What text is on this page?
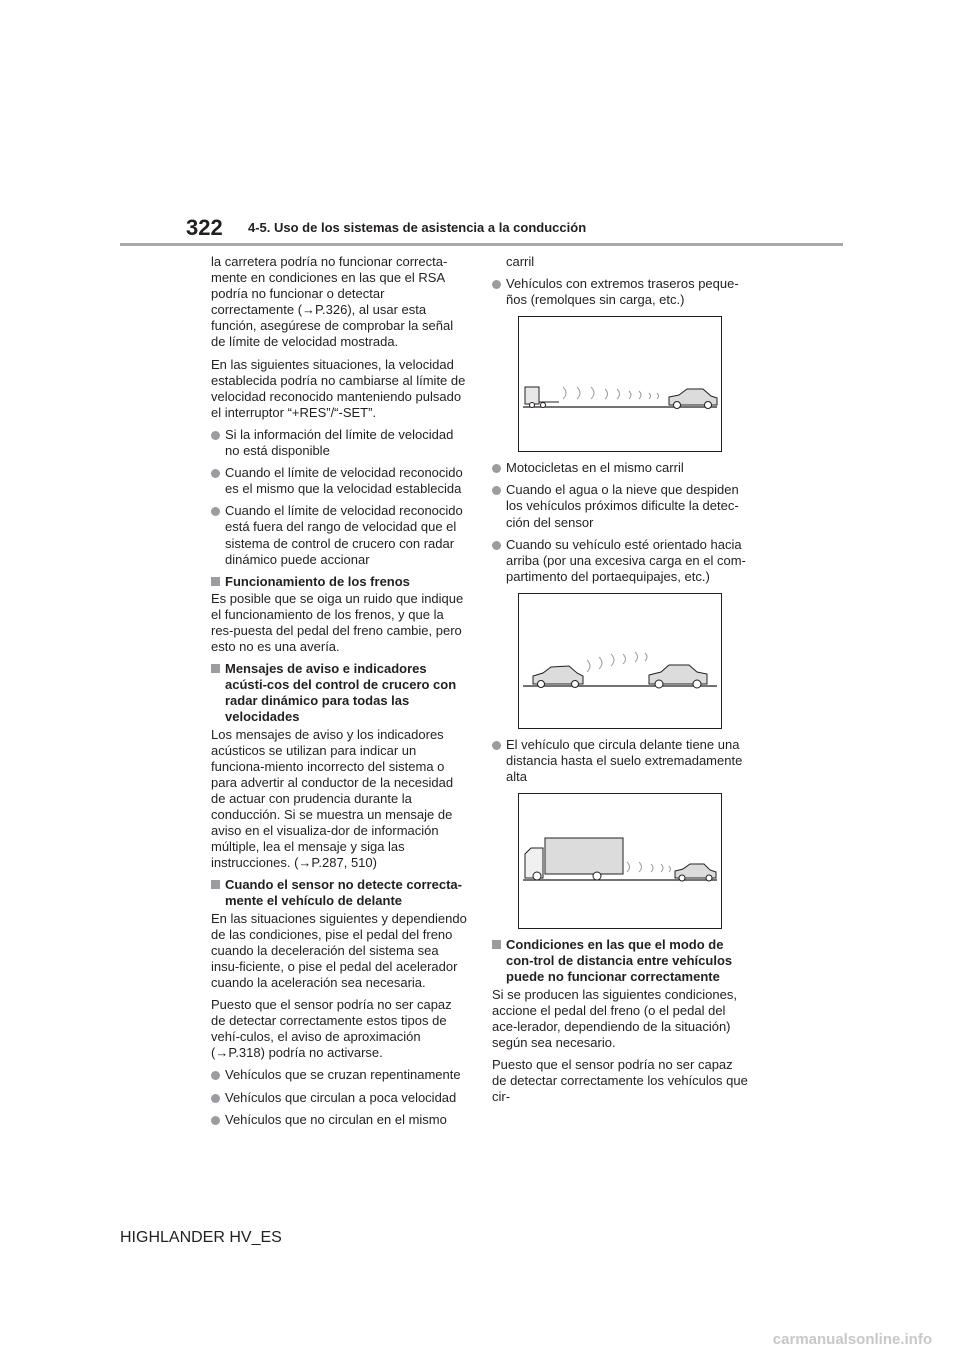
322 4-5. Uso de los sistemas de asistencia a la conducción

la carretera podría no funcionar correcta-mente en condiciones en las que el RSA podría no funcionar o detectar correctamente (→P.326), al usar esta función, asegúrese de comprobar la señal de límite de velocidad mostrada.

En las siguientes situaciones, la velocidad establecida podría no cambiarse al límite de velocidad reconocido manteniendo pulsado el interruptor “+RES”/“-SET”.

Si la información del límite de velocidad no está disponible
Cuando el límite de velocidad reconocido es el mismo que la velocidad establecida
Cuando el límite de velocidad reconocido está fuera del rango de velocidad que el sistema de control de crucero con radar dinámico puede accionar
Funcionamiento de los frenos

Es posible que se oiga un ruido que indique el funcionamiento de los frenos, y que la res-puesta del pedal del freno cambie, pero esto no es una avería.

Mensajes de aviso e indicadores acústi-cos del control de crucero con radar dinámico para todas las velocidades

Los mensajes de aviso y los indicadores acústicos se utilizan para indicar un funciona-miento incorrecto del sistema o para advertir al conductor de la necesidad de actuar con prudencia durante la conducción. Si se muestra un mensaje de aviso en el visualiza-dor de información múltiple, lea el mensaje y siga las instrucciones. (→P.287, 510)

Cuando el sensor no detecte correcta-mente el vehículo de delante

En las situaciones siguientes y dependiendo de las condiciones, pise el pedal del freno cuando la deceleración del sistema sea insu-ficiente, o pise el pedal del acelerador cuando la aceleración sea necesaria.

Puesto que el sensor podría no ser capaz de detectar correctamente estos tipos de vehí-culos, el aviso de aproximación (→P.318) podría no activarse.

Vehículos que se cruzan repentinamente
Vehículos que circulan a poca velocidad
Vehículos que no circulan en el mismo

carril

Vehículos con extremos traseros peque-ños (remolques sin carga, etc.)
Motocicletas en el mismo carril
Cuando el agua o la nieve que despiden los vehículos próximos dificulte la detec-ción del sensor
Cuando su vehículo esté orientado hacia arriba (por una excesiva carga en el com-partimento del portaequipajes, etc.)
El vehículo que circula delante tiene una distancia hasta el suelo extremadamente alta
Condiciones en las que el modo de con-trol de distancia entre vehículos puede no funcionar correctamente

Si se producen las siguientes condiciones, accione el pedal del freno (o el pedal del ace-lerador, dependiendo de la situación) según sea necesario.

Puesto que el sensor podría no ser capaz de detectar correctamente los vehículos que cir-

HIGHLANDER HV_ES
carmanualsonline.info
